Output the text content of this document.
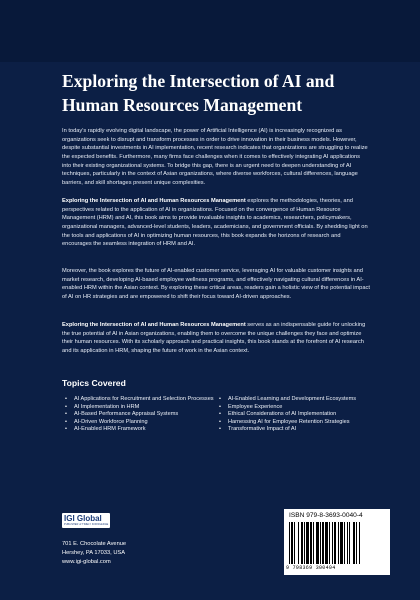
Exploring the Intersection of AI and
Human Resources Management

In today's rapidly evolving digital landscape, the power of Artificial Intelligence (AI) is increasingly recognized as organizations seek to disrupt and transform processes in order to drive innovation in their business models. However, despite substantial investments in AI implementation, recent research indicates that organizations are struggling to realize the expected benefits. Furthermore, many firms face challenges when it comes to effectively integrating AI applications into their existing organizational systems. To bridge this gap, there is an urgent need to deepen understanding of AI techniques, particularly in the context of Asian organizations, where diverse workforces, cultural differences, language barriers, and skill shortages present unique complexities.

Exploring the Intersection of AI and Human Resources Management explores the methodologies, theories, and perspectives related to the application of AI in organizations. Focused on the convergence of Human Resource Management (HRM) and AI, this book aims to provide invaluable insights to academics, researchers, policymakers, organizational managers, advanced-level students, leaders, academicians, and government officials. By shedding light on the tools and applications of AI in optimizing human resources, this book expands the horizons of research and encourages the seamless integration of HRM and AI.

Moreover, the book explores the future of AI-enabled customer service, leveraging AI for valuable customer insights and market research, developing AI-based employee wellness programs, and effectively navigating cultural differences in AI-enabled HRM within the Asian context. By exploring these critical areas, readers gain a holistic view of the potential impact of AI on HR strategies and are empowered to shift their focus toward AI-driven approaches.

Exploring the Intersection of AI and Human Resources Management serves as an indispensable guide for unlocking the true potential of AI in Asian organizations, enabling them to overcome the unique challenges they face and optimize their human resources. With its scholarly approach and practical insights, this book stands at the forefront of AI research and its application in HRM, shaping the future of work in the Asian context.

Topics Covered
• AI Applications for Recruitment and Selection Processes
• AI Implementation in HRM
• AI-Based Performance Appraisal Systems
• AI-Driven Workforce Planning
• AI-Enabled HRM Framework
• AI-Enabled Learning and Development Ecosystems
• Employee Experience
• Ethical Considerations of AI Implementation
• Harnessing AI for Employee Retention Strategies
• Transformative Impact of AI
IGI Global
PUBLISHER of TIMELY KNOWLEDGE

701 E. Chocolate Avenue
Hershey, PA 17033, USA
www.igi-global.com

ISBN 979-8-3693-0040-4
9 798369 300404
